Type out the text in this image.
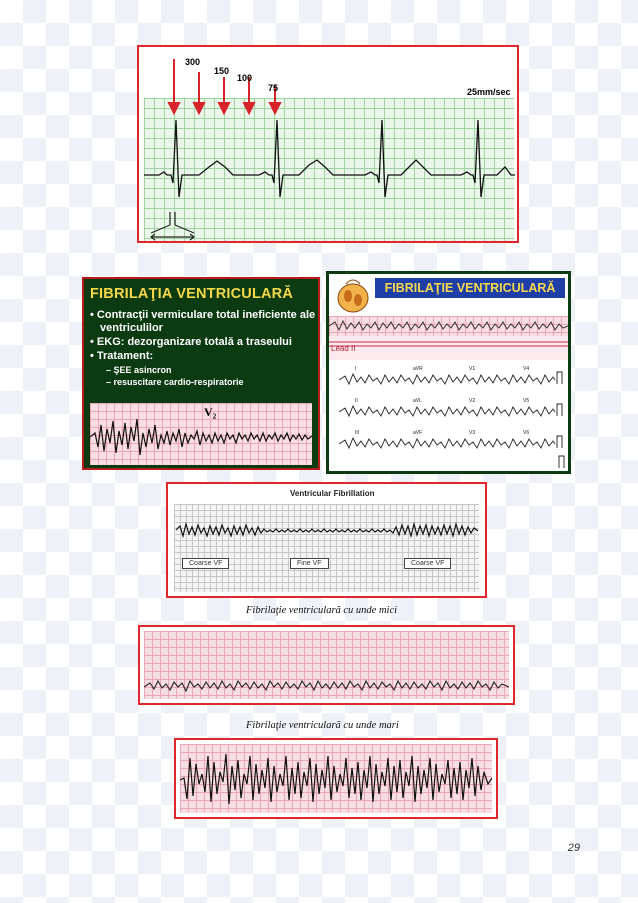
300
150
100
75	25mm/sec
FIBRILAŢIA VENTRICULARĂ
• Contracţii vermiculare total ineficiente ale ventriculilor
• EKG: dezorganizare totală a traseului
• Tratament:
– ŞEE asincron
– resuscitare cardio-respiratorie
V₂
FIBRILAŢIE VENTRICULARĂ
Lead II
I	aVR	V1	V4
II	aVL	V2	V5
III	aVF	V3	V6
Ventricular Fibrillation
Coarse VF	Fine VF	Coarse VF
Fibrilaţie ventriculară cu unde mici
Fibrilaţie ventriculară cu unde mari
29
